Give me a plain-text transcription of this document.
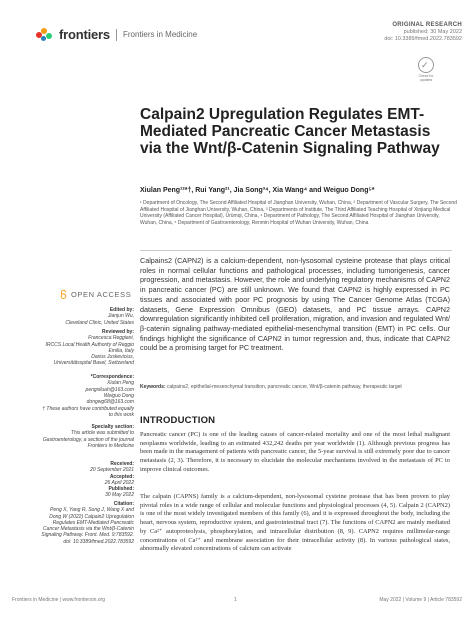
frontiers Frontiers in Medicine
ORIGINAL RESEARCH
published: 30 May 2022
doi: 10.3389/fmed.2022.783592
✓
Check for updates
Calpain2 Upregulation Regulates EMT-Mediated Pancreatic Cancer Metastasis via the Wnt/β-Catenin Signaling Pathway
Xiulan Peng¹²*†, Rui Yang²¹, Jia Song³⁴, Xia Wang⁴ and Weiguo Dong⁵*
¹ Department of Oncology, The Second Affiliated Hospital of Jianghan University, Wuhan, China, ² Department of Vascular Surgery, The Second Affiliated Hospital of Jianghan University, Wuhan, China, ³ Departments of Institute, The Third Affiliated Teaching Hospital of Xinjiang Medical University (Affiliated Cancer Hospital), Ürümqi, China, ⁴ Department of Pathology, The Second Affiliated Hospital of Jianghan University, Wuhan, China, ⁵ Department of Gastroenterology, Renmin Hospital of Wuhan University, Wuhan, China
OPEN ACCESS
Edited by:
Jianjun Wu,
Cleveland Clinic, United States
Reviewed by:
Francesca Reggiani,
IRCCS Local Health Authority of Reggio Emilia, Italy
Darius Juskevicius,
Universitätsspital Basel, Switzerland
*Correspondence:
Xiulan Peng
pengxiluah@163.com
Weiguo Dong
dongwg68@163.com
† These authors have contributed equally to this work
Specialty section:
This article was submitted to Gastroenterology, a section of the journal Frontiers in Medicine
Received:
20 September 2021
Accepted:
26 April 2022
Published:
30 May 2022
Citation:
Peng X, Yang R, Song J, Wang X and Dong W (2022) Calpain2 Upregulation Regulates EMT-Mediated Pancreatic Cancer Metastasis via the Wnt/β-Catenin Signaling Pathway. Front. Med. 9:783592. doi: 10.3389/fmed.2022.783592
Calpains2 (CAPN2) is a calcium-dependent, non-lysosomal cysteine protease that plays critical roles in normal cellular functions and pathological processes, including tumorigenesis, cancer progression, and metastasis. However, the role and underlying regulatory mechanisms of CAPN2 in pancreatic cancer (PC) are still unknown. We found that CAPN2 is highly expressed in PC tissues and associated with poor PC prognosis by using The Cancer Genome Atlas (TCGA) datasets, Gene Expression Omnibus (GEO) datasets, and PC tissue arrays. CAPN2 downregulation significantly inhibited cell proliferation, migration, and invasion and regulated Wnt/β-catenin signaling pathway-mediated epithelial-mesenchymal transition (EMT) in PC cells. Our findings highlight the significance of CAPN2 in tumor regression and, thus, indicate that CAPN2 could be a promising target for PC treatment.
Keywords: calpains2, epithelial-mesenchymal transition, pancreatic cancer, Wnt/β-catenin pathway, therapeutic target
INTRODUCTION
Pancreatic cancer (PC) is one of the leading causes of cancer-related mortality and one of the most lethal malignant neoplasms worldwide, leading to an estimated 432,242 deaths per year worldwide (1). Although previous progress has been made in the management of patients with pancreatic cancer, the 5-year survival is still extremely poor due to cancer metastasis (2, 3). Therefore, it is necessary to elucidate the molecular mechanisms involved in the metastasis of PC to improve clinical outcomes.
The calpain (CAPNS) family is a calcium-dependent, non-lysosomal cysteine protease that has been proven to play pivotal roles in a wide range of cellular and molecular functions and physiological processes (4, 5). Calpain 2 (CAPN2) is one of the most widely investigated members of this family (6), and it is expressed throughout the body, including the heart, nervous system, reproductive system, and gastrointestinal tract (7). The functions of CAPN2 are mainly mediated by Ca²⁺ autoproteolysis, phosphorylation, and intracellular distribution (8, 9). CAPN2 requires millimolar-range concentrations of Ca²⁺ and membrane association for their intracellular activity (8). In various pathological states, abnormally elevated concentrations of calcium can activate
Frontiers in Medicine | www.frontiersin.org	1	May 2022 | Volume 9 | Article 783592
